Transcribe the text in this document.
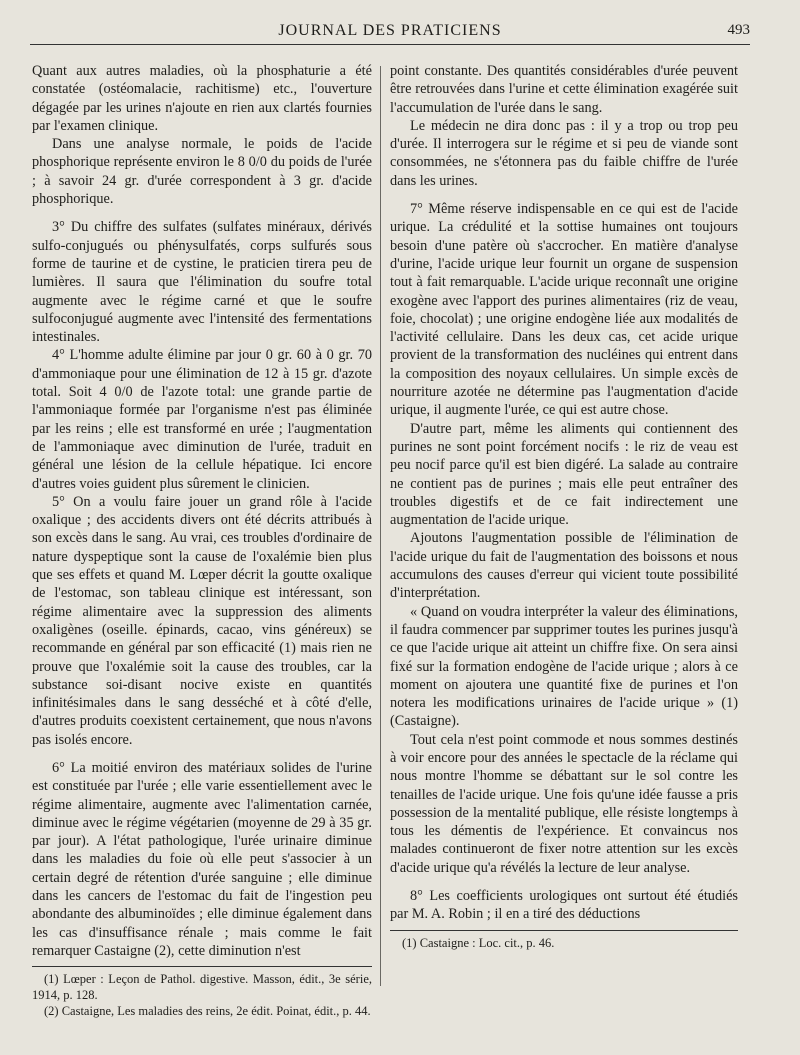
JOURNAL DES PRATICIENS	493

Quant aux autres maladies, où la phosphaturie a été constatée (ostéomalacie, rachitisme) etc., l'ouverture dégagée par les urines n'ajoute en rien aux clartés fournies par l'examen clinique.

Dans une analyse normale, le poids de l'acide phosphorique représente environ le 8 0/0 du poids de l'urée ; à savoir 24 gr. d'urée correspondent à 3 gr. d'acide phosphorique.

3° Du chiffre des sulfates (sulfates minéraux, dérivés sulfo-conjugués ou phénysulfatés, corps sulfurés sous forme de taurine et de cystine, le praticien tirera peu de lumières. Il saura que l'élimination du soufre total augmente avec le régime carné et que le soufre sulfoconjugué augmente avec l'intensité des fermentations intestinales.

4° L'homme adulte élimine par jour 0 gr. 60 à 0 gr. 70 d'ammoniaque pour une élimination de 12 à 15 gr. d'azote total. Soit 4 0/0 de l'azote total: une grande partie de l'ammoniaque formée par l'organisme n'est pas éliminée par les reins ; elle est transformé en urée ; l'augmentation de l'ammoniaque avec diminution de l'urée, traduit en général une lésion de la cellule hépatique. Ici encore d'autres voies guident plus sûrement le clinicien.

5° On a voulu faire jouer un grand rôle à l'acide oxalique ; des accidents divers ont été décrits attribués à son excès dans le sang. Au vrai, ces troubles d'ordinaire de nature dyspeptique sont la cause de l'oxalémie bien plus que ses effets et quand M. Lœper décrit la goutte oxalique de l'estomac, son tableau clinique est intéressant, son régime alimentaire avec la suppression des aliments oxaligènes (oseille. épinards, cacao, vins généreux) se recommande en général par son efficacité (1) mais rien ne prouve que l'oxalémie soit la cause des troubles, car la substance soi-disant nocive existe en quantités infinitésimales dans le sang desséché et à côté d'elle, d'autres produits coexistent certainement, que nous n'avons pas isolés encore.

6° La moitié environ des matériaux solides de l'urine est constituée par l'urée ; elle varie essentiellement avec le régime alimentaire, augmente avec l'alimentation carnée, diminue avec le régime végétarien (moyenne de 29 à 35 gr. par jour). A l'état pathologique, l'urée urinaire diminue dans les maladies du foie où elle peut s'associer à un certain degré de rétention d'urée sanguine ; elle diminue dans les cancers de l'estomac du fait de l'ingestion peu abondante des albuminoïdes ; elle diminue également dans les cas d'insuffisance rénale ; mais comme le fait remarquer Castaigne (2), cette diminution n'est

(1) Lœper : Leçon de Pathol. digestive. Masson, édit., 3e série, 1914, p. 128.

(2) Castaigne, Les maladies des reins, 2e édit. Poinat, édit., p. 44.

point constante. Des quantités considérables d'urée peuvent être retrouvées dans l'urine et cette élimination exagérée suit l'accumulation de l'urée dans le sang.

Le médecin ne dira donc pas : il y a trop ou trop peu d'urée. Il interrogera sur le régime et si peu de viande sont consommées, ne s'étonnera pas du faible chiffre de l'urée dans les urines.

7° Même réserve indispensable en ce qui est de l'acide urique. La crédulité et la sottise humaines ont toujours besoin d'une patère où s'accrocher. En matière d'analyse d'urine, l'acide urique leur fournit un organe de suspension tout à fait remarquable. L'acide urique reconnaît une origine exogène avec l'apport des purines alimentaires (riz de veau, foie, chocolat) ; une origine endogène liée aux modalités de l'activité cellulaire. Dans les deux cas, cet acide urique provient de la transformation des nucléines qui entrent dans la composition des noyaux cellulaires. Un simple excès de nourriture azotée ne détermine pas l'augmentation d'acide urique, il augmente l'urée, ce qui est autre chose.

D'autre part, même les aliments qui contiennent des purines ne sont point forcément nocifs : le riz de veau est peu nocif parce qu'il est bien digéré. La salade au contraire ne contient pas de purines ; mais elle peut entraîner des troubles digestifs et de ce fait indirectement une augmentation de l'acide urique.

Ajoutons l'augmentation possible de l'élimination de l'acide urique du fait de l'augmentation des boissons et nous accumulons des causes d'erreur qui vicient toute possibilité d'interprétation.

« Quand on voudra interpréter la valeur des éliminations, il faudra commencer par supprimer toutes les purines jusqu'à ce que l'acide urique ait atteint un chiffre fixe. On sera ainsi fixé sur la formation endogène de l'acide urique ; alors à ce moment on ajoutera une quantité fixe de purines et l'on notera les modifications urinaires de l'acide urique » (1) (Castaigne).

Tout cela n'est point commode et nous sommes destinés à voir encore pour des années le spectacle de la réclame qui nous montre l'homme se débattant sur le sol contre les tenailles de l'acide urique. Une fois qu'une idée fausse a pris possession de la mentalité publique, elle résiste longtemps à tous les démentis de l'expérience. Et convaincus nos malades continueront de fixer notre attention sur les excès d'acide urique qu'a révélés la lecture de leur analyse.

8° Les coefficients urologiques ont surtout été étudiés par M. A. Robin ; il en a tiré des déductions

(1) Castaigne : Loc. cit., p. 46.
